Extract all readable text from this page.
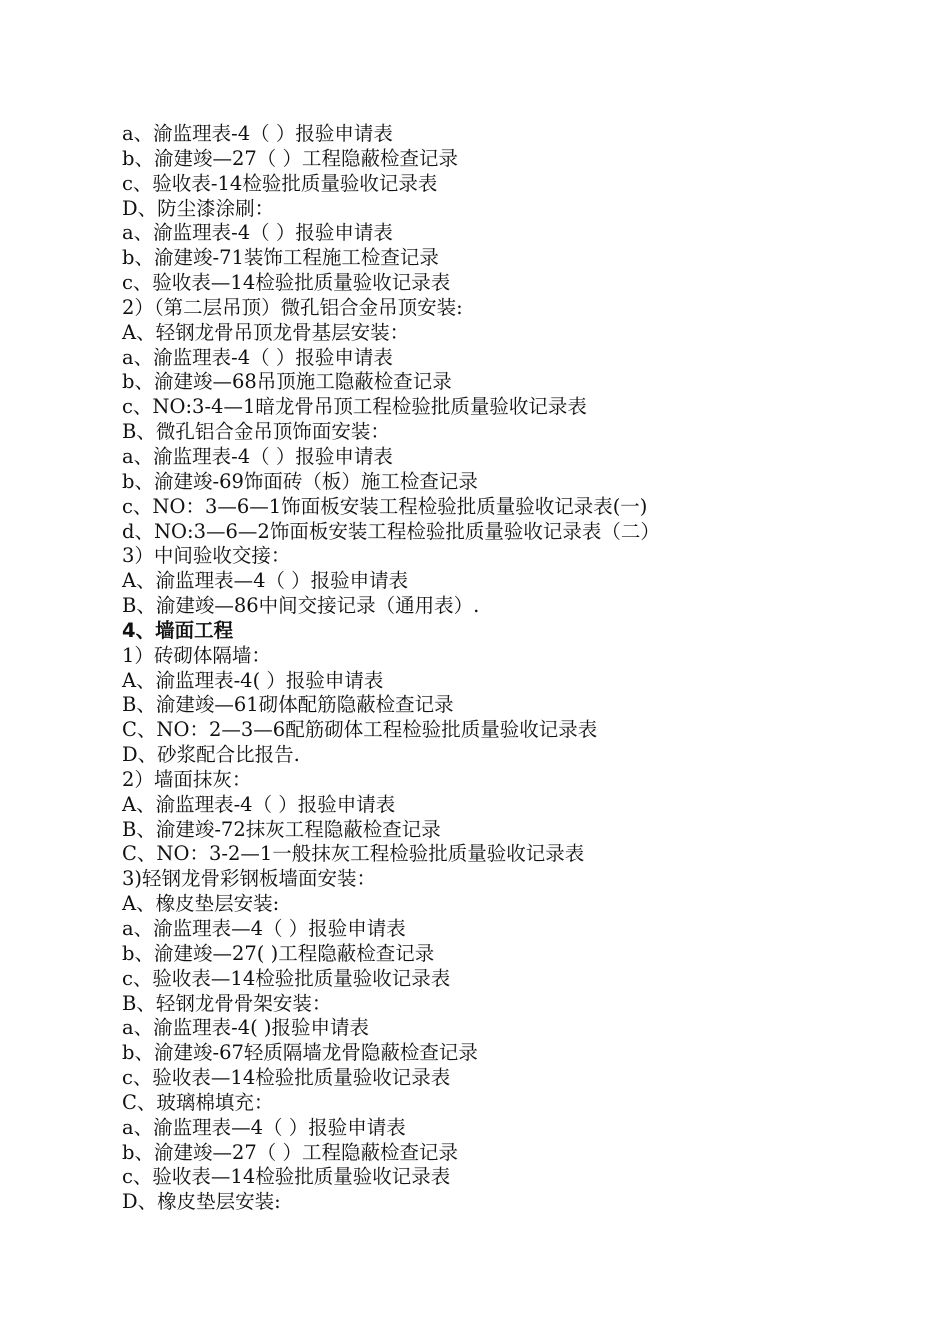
a、渝监理表-4（ ）报验申请表
b、渝建竣—27（ ）工程隐蔽检查记录
c、验收表-14检验批质量验收记录表
D、防尘漆涂刷：
a、渝监理表-4（ ）报验申请表
b、渝建竣-71装饰工程施工检查记录
c、验收表—14检验批质量验收记录表
2）（第二层吊顶）微孔铝合金吊顶安装:
A、轻钢龙骨吊顶龙骨基层安装：
a、渝监理表-4（ ）报验申请表
b、渝建竣—68吊顶施工隐蔽检查记录
c、NO:3-4—1暗龙骨吊顶工程检验批质量验收记录表
B、微孔铝合金吊顶饰面安装：
a、渝监理表-4（ ）报验申请表
b、渝建竣-69饰面砖（板）施工检查记录
c、NO：3—6—1饰面板安装工程检验批质量验收记录表(一)
d、NO:3—6—2饰面板安装工程检验批质量验收记录表（二）
3）中间验收交接：
A、渝监理表—4（ ）报验申请表
B、渝建竣—86中间交接记录（通用表）.
4、墙面工程
1）砖砌体隔墙：
A、渝监理表-4( ）报验申请表
B、渝建竣—61砌体配筋隐蔽检查记录
C、NO：2—3—6配筋砌体工程检验批质量验收记录表
D、砂浆配合比报告.
2）墙面抹灰：
A、渝监理表-4（ ）报验申请表
B、渝建竣-72抹灰工程隐蔽检查记录
C、NO：3-2—1一般抹灰工程检验批质量验收记录表
3)轻钢龙骨彩钢板墙面安装：
A、橡皮垫层安装:
a、渝监理表—4（ ）报验申请表
b、渝建竣—27( )工程隐蔽检查记录
c、验收表—14检验批质量验收记录表
B、轻钢龙骨骨架安装：
a、渝监理表-4( )报验申请表
b、渝建竣-67轻质隔墙龙骨隐蔽检查记录
c、验收表—14检验批质量验收记录表
C、玻璃棉填充：
a、渝监理表—4（ ）报验申请表
b、渝建竣—27（ ）工程隐蔽检查记录
c、验收表—14检验批质量验收记录表
D、橡皮垫层安装:
